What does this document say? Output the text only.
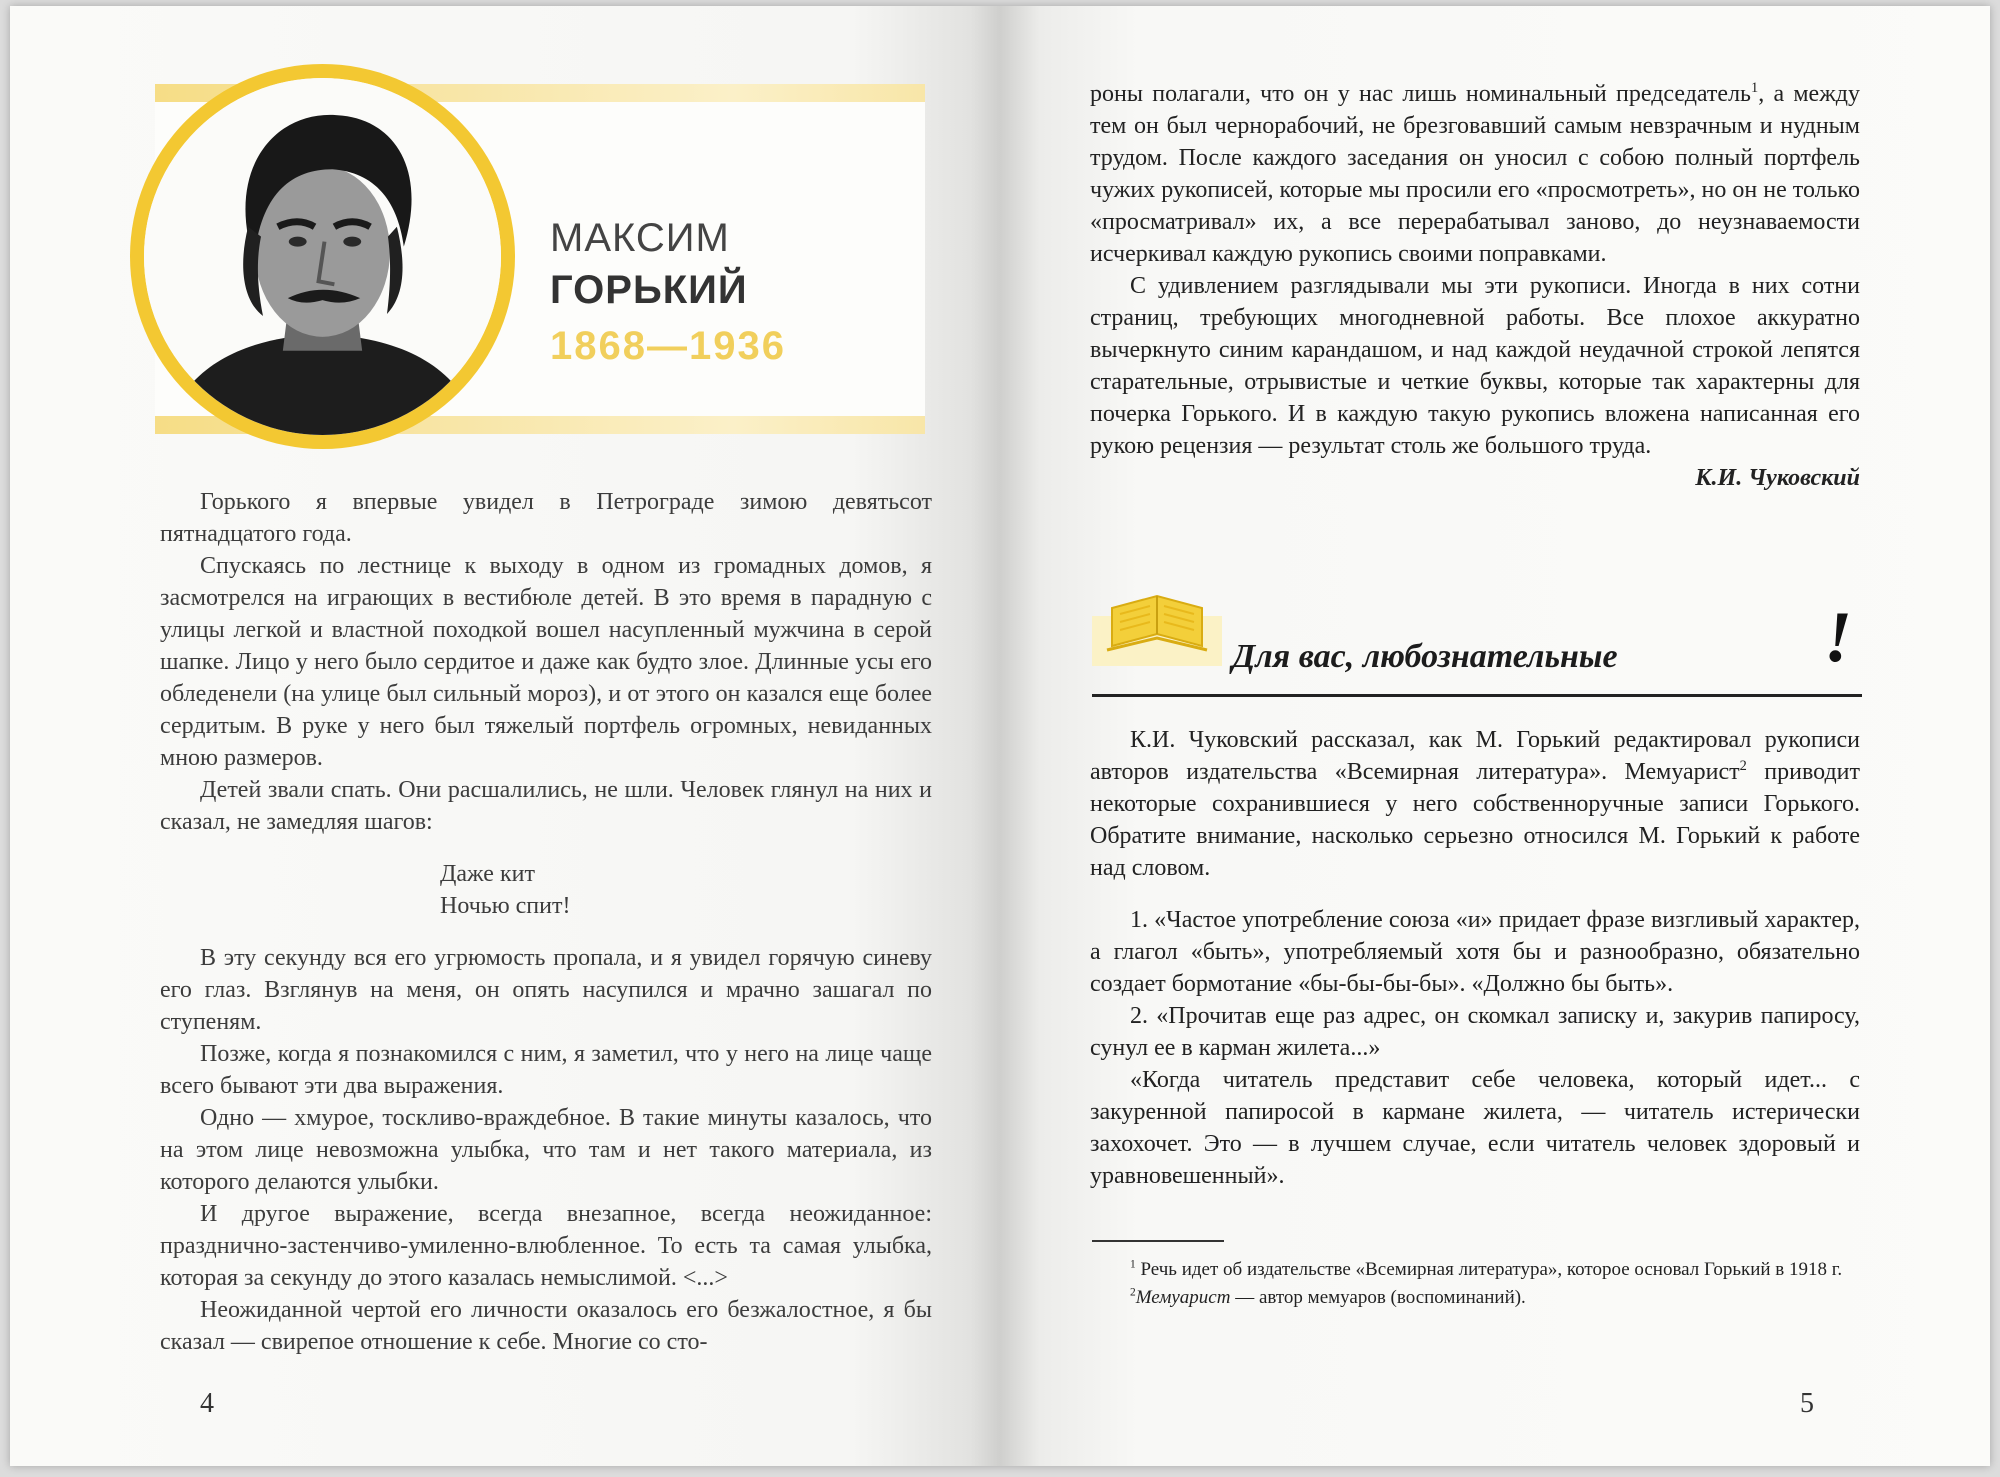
МАКСИМ
ГОРЬКИЙ
1868—1936

Горького я впервые увидел в Петрограде зимою девятьсот пятнадцатого года.

Спускаясь по лестнице к выходу в одном из громадных домов, я засмотрелся на играющих в вестибюле детей. В это время в парадную с улицы легкой и властной походкой вошел насупленный мужчина в серой шапке. Лицо у него было сердитое и даже как будто злое. Длинные усы его обледенели (на улице был сильный мороз), и от этого он казался еще более сердитым. В руке у него был тяжелый портфель огромных, невиданных мною размеров.

Детей звали спать. Они расшалились, не шли. Человек глянул на них и сказал, не замедляя шагов:

Даже кит

Ночью спит!

В эту секунду вся его угрюмость пропала, и я увидел горячую синеву его глаз. Взглянув на меня, он опять насупился и мрачно зашагал по ступеням.

Позже, когда я познакомился с ним, я заметил, что у него на лице чаще всего бывают эти два выражения.

Одно — хмурое, тоскливо-враждебное. В такие минуты казалось, что на этом лице невозможна улыбка, что там и нет такого материала, из которого делаются улыбки.

И другое выражение, всегда внезапное, всегда неожиданное: празднично-застенчиво-умиленно-влюбленное. То есть та самая улыбка, которая за секунду до этого казалась немыслимой. <...>

Неожиданной чертой его личности оказалось его безжалостное, я бы сказал — свирепое отношение к себе. Многие со сто-

4

роны полагали, что он у нас лишь номинальный председатель$^1$, а между тем он был чернорабочий, не брезговавший самым невзрачным и нудным трудом. После каждого заседания он уносил с собою полный портфель чужих рукописей, которые мы просили его «просмотреть», но он не только «просматривал» их, а все перерабатывал заново, до неузнаваемости исчеркивал каждую рукопись своими поправками.

С удивлением разглядывали мы эти рукописи. Иногда в них сотни страниц, требующих многодневной работы. Все плохое аккуратно вычеркнуто синим карандашом, и над каждой неудачной строкой лепятся старательные, отрывистые и четкие буквы, которые так характерны для почерка Горького. И в каждую такую рукопись вложена написанная его рукою рецензия — результат столь же большого труда.

К.И. Чуковский

Для вас, любознательные	!

К.И. Чуковский рассказал, как М. Горький редактировал рукописи авторов издательства «Всемирная литература». Мемуарист$^2$ приводит некоторые сохранившиеся у него собственноручные записи Горького. Обратите внимание, насколько серьезно относился М. Горький к работе над словом.

1. «Частое употребление союза «и» придает фразе визгливый характер, а глагол «быть», употребляемый хотя бы и разнообразно, обязательно создает бормотание «бы-бы-бы-бы». «Должно бы быть».

2. «Прочитав еще раз адрес, он скомкал записку и, закурив папиросу, сунул ее в карман жилета...»

«Когда читатель представит себе человека, который идет... с закуренной папиросой в кармане жилета, — читатель истерически захохочет. Это — в лучшем случае, если читатель человек здоровый и уравновешенный».

$^1$ Речь идет об издательстве «Всемирная литература», которое основал Горький в 1918 г.

$^2$Мемуарист — автор мемуаров (воспоминаний).

5
